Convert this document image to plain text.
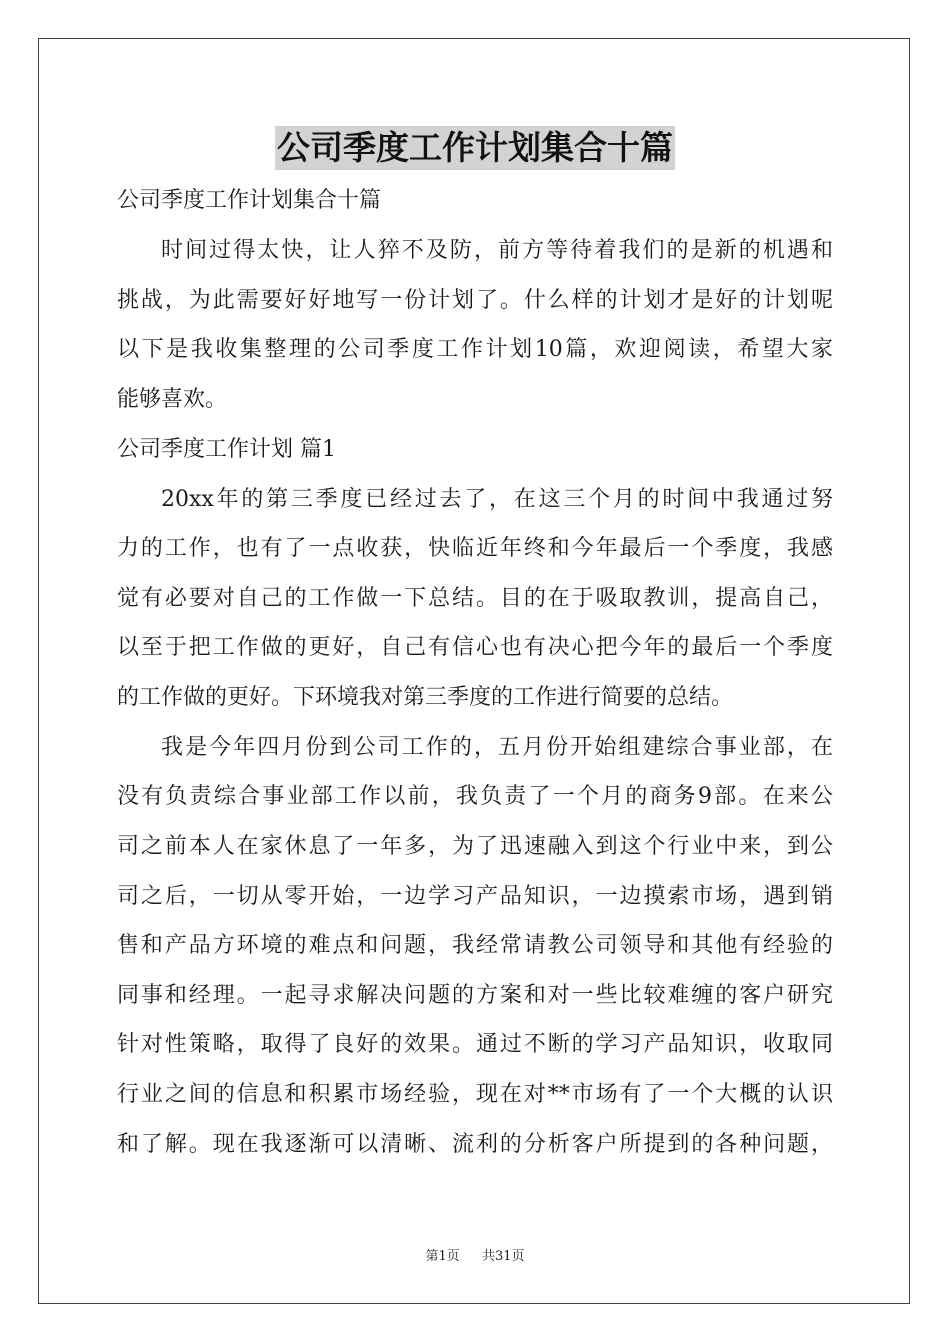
公司季度工作计划集合十篇
公司季度工作计划集合十篇
时间过得太快，让人猝不及防，前方等待着我们的是新的机遇和
挑战，为此需要好好地写一份计划了。什么样的计划才是好的计划呢
以下是我收集整理的公司季度工作计划10篇，欢迎阅读，希望大家
能够喜欢。
公司季度工作计划 篇1
20xx年的第三季度已经过去了，在这三个月的时间中我通过努
力的工作，也有了一点收获，快临近年终和今年最后一个季度，我感
觉有必要对自己的工作做一下总结。目的在于吸取教训，提高自己，
以至于把工作做的更好，自己有信心也有决心把今年的最后一个季度
的工作做的更好。下环境我对第三季度的工作进行简要的总结。
我是今年四月份到公司工作的，五月份开始组建综合事业部，在
没有负责综合事业部工作以前，我负责了一个月的商务9部。在来公
司之前本人在家休息了一年多，为了迅速融入到这个行业中来，到公
司之后，一切从零开始，一边学习产品知识，一边摸索市场，遇到销
售和产品方环境的难点和问题，我经常请教公司领导和其他有经验的
同事和经理。一起寻求解决问题的方案和对一些比较难缠的客户研究
针对性策略，取得了良好的效果。通过不断的学习产品知识，收取同
行业之间的信息和积累市场经验，现在对**市场有了一个大概的认识
和了解。现在我逐渐可以清晰、流利的分析客户所提到的各种问题，
第1页 共31页
